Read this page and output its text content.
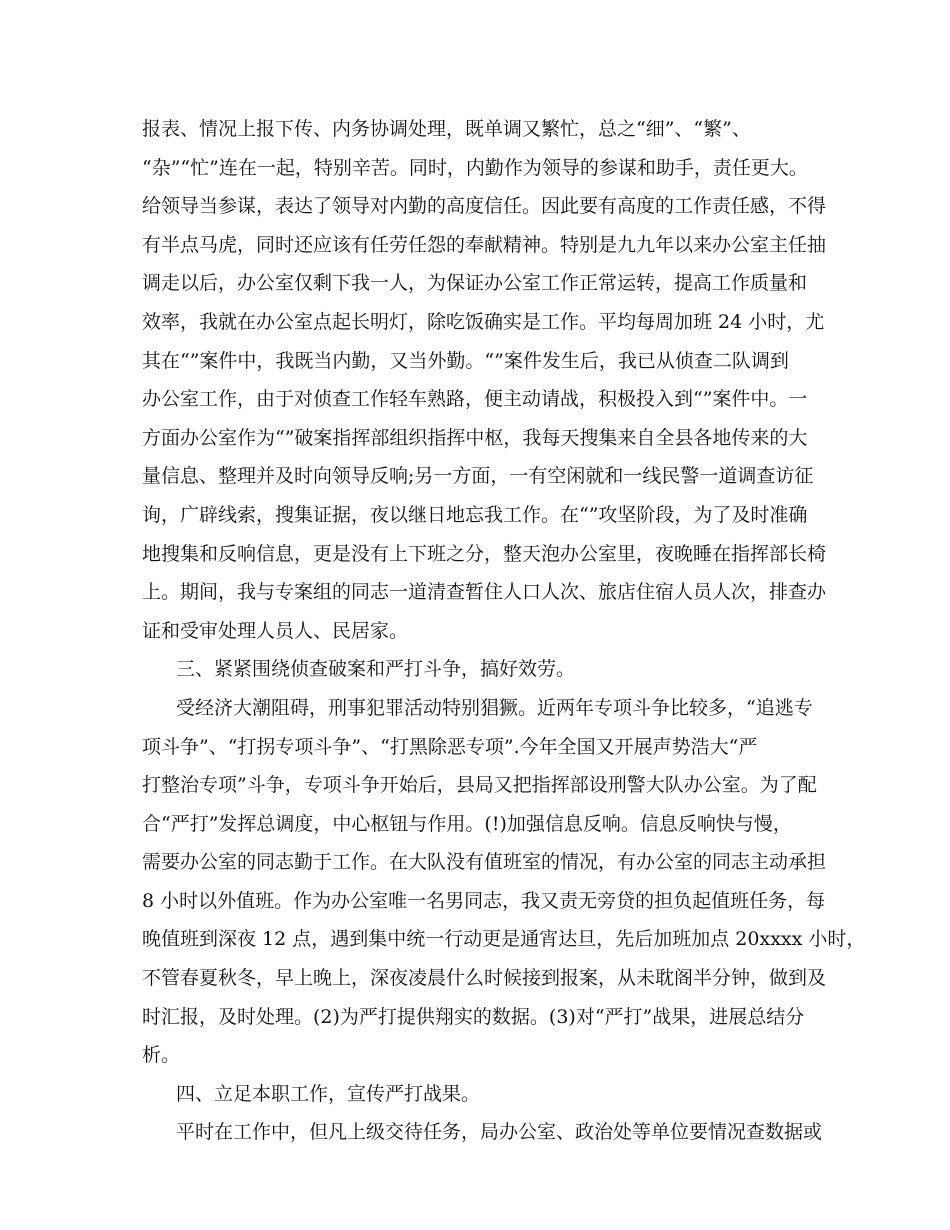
报表、情况上报下传、内务协调处理，既单调又繁忙，总之“细”、“繁”、
“杂”“忙”连在一起，特别辛苦。同时，内勤作为领导的参谋和助手，责任更大。
给领导当参谋，表达了领导对内勤的高度信任。因此要有高度的工作责任感，不得
有半点马虎，同时还应该有任劳任怨的奉献精神。特别是九九年以来办公室主任抽
调走以后，办公室仅剩下我一人，为保证办公室工作正常运转，提高工作质量和
效率，我就在办公室点起长明灯，除吃饭确实是工作。平均每周加班 24 小时，尤
其在“”案件中，我既当内勤，又当外勤。“”案件发生后，我已从侦查二队调到
办公室工作，由于对侦查工作轻车熟路，便主动请战，积极投入到“”案件中。一
方面办公室作为“”破案指挥部组织指挥中枢，我每天搜集来自全县各地传来的大
量信息、整理并及时向领导反响;另一方面，一有空闲就和一线民警一道调查访征
询，广辟线索，搜集证据，夜以继日地忘我工作。在“”攻坚阶段，为了及时准确
地搜集和反响信息，更是没有上下班之分，整天泡办公室里，夜晚睡在指挥部长椅
上。期间，我与专案组的同志一道清查暂住人口人次、旅店住宿人员人次，排查办
证和受审处理人员人、民居家。
三、紧紧围绕侦查破案和严打斗争，搞好效劳。
受经济大潮阻碍，刑事犯罪活动特别猖獗。近两年专项斗争比较多，“追逃专
项斗争”、“打拐专项斗争”、“打黑除恶专项”.今年全国又开展声势浩大“严
打整治专项”斗争，专项斗争开始后，县局又把指挥部设刑警大队办公室。为了配
合“严打”发挥总调度，中心枢钮与作用。(!)加强信息反响。信息反响快与慢，
需要办公室的同志勤于工作。在大队没有值班室的情况，有办公室的同志主动承担
8 小时以外值班。作为办公室唯一名男同志，我又责无旁贷的担负起值班任务，每
晚值班到深夜 12 点，遇到集中统一行动更是通宵达旦，先后加班加点 20xxxx 小时，
不管春夏秋冬，早上晚上，深夜凌晨什么时候接到报案，从未耽阁半分钟，做到及
时汇报，及时处理。(2)为严打提供翔实的数据。(3)对“严打”战果，进展总结分
析。
四、立足本职工作，宣传严打战果。
平时在工作中，但凡上级交待任务，局办公室、政治处等单位要情况查数据或
